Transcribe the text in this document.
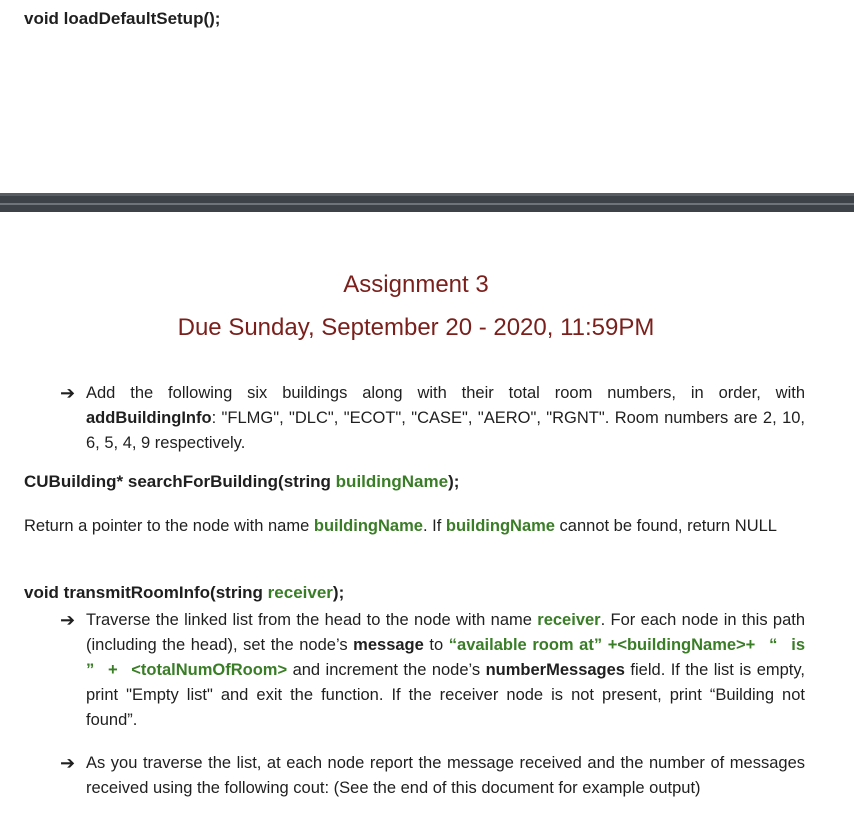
void loadDefaultSetup();
Assignment 3
Due Sunday, September 20 - 2020, 11:59PM
➔ Add the following six buildings along with their total room numbers, in order, with addBuildingInfo: "FLMG", "DLC", "ECOT", "CASE", "AERO", "RGNT". Room numbers are 2, 10, 6, 5, 4, 9 respectively.

CUBuilding* searchForBuilding(string buildingName);

Return a pointer to the node with name buildingName. If buildingName cannot be found, return NULL

void transmitRoomInfo(string receiver);
➔ Traverse the linked list from the head to the node with name receiver. For each node in this path (including the head), set the node’s message to “available room at” +<buildingName>+ “ is ” + <totalNumOfRoom> and increment the node’s numberMessages field. If the list is empty, print "Empty list" and exit the function. If the receiver node is not present, print “Building not found”.

➔ As you traverse the list, at each node report the message received and the number of messages received using the following cout: (See the end of this document for example output)
